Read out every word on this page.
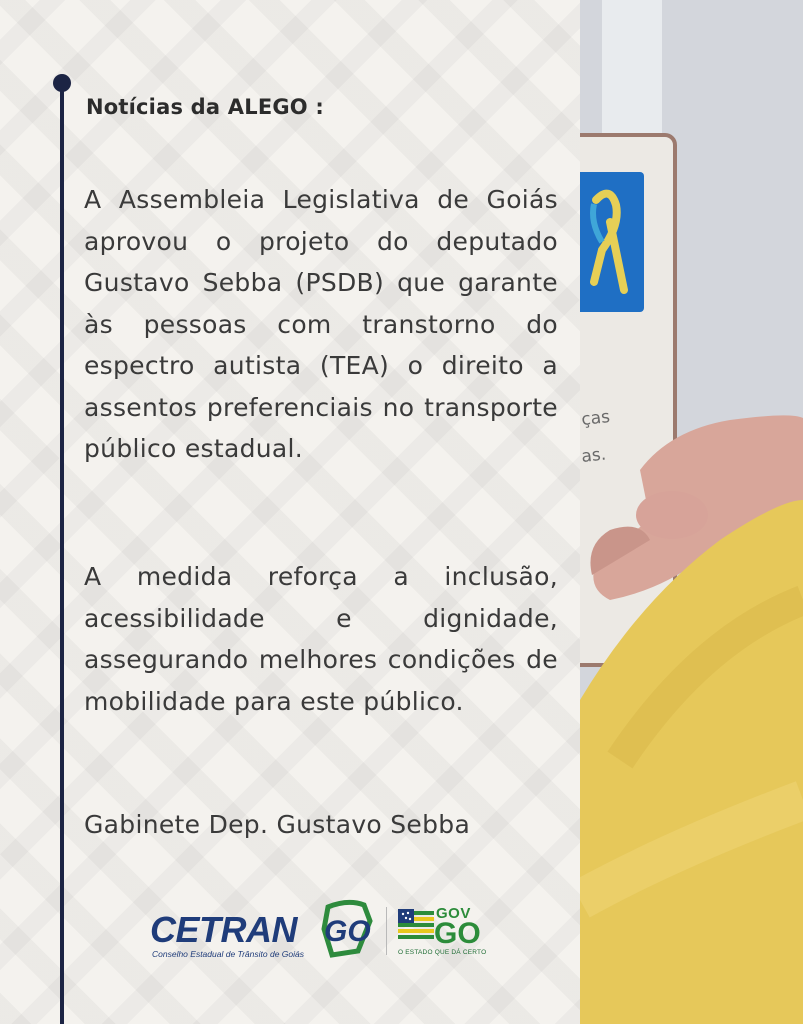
Notícias da ALEGO :

A Assembleia Legislativa de Goiás aprovou o projeto do deputado Gustavo Sebba (PSDB) que garante às pessoas com transtorno do espectro autista (TEA) o direito a assentos preferenciais no transporte público estadual.

A medida reforça a inclusão, acessibilidade e dignidade, assegurando melhores condições de mobilidade para este público.

Gabinete Dep. Gustavo Sebba
CETRAN GO
Conselho Estadual de Trânsito de Goiás
GOV
GO
O ESTADO QUE DÁ CERTO
ças
as.
